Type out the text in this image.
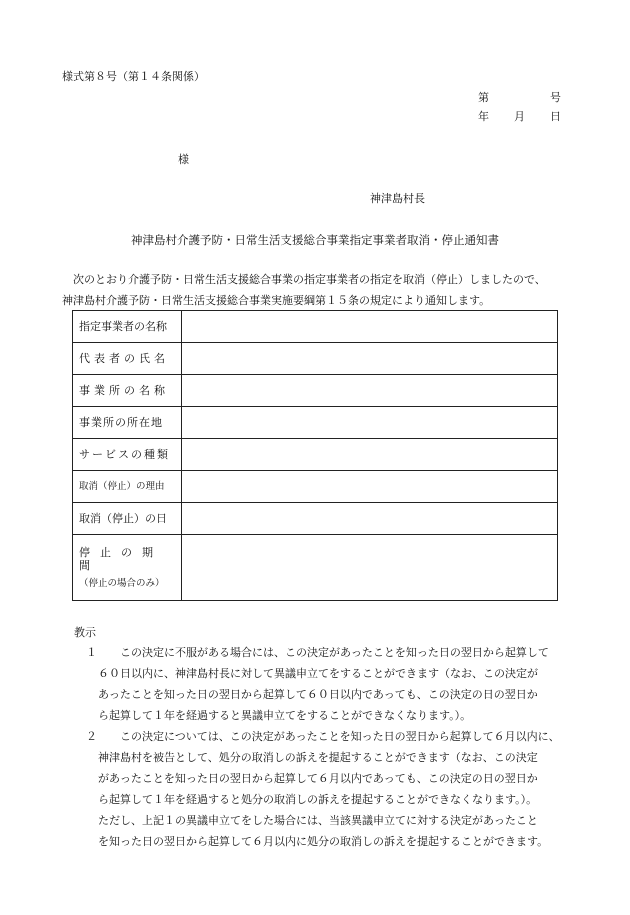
様式第８号（第１４条関係）
第	号
年 月 日
様
神津島村長
神津島村介護予防・日常生活支援総合事業指定事業者取消・停止通知書
次のとおり介護予防・日常生活支援総合事業の指定事業者の指定を取消（停止）しましたので、
神津島村介護予防・日常生活支援総合事業実施要綱第１５条の規定により通知します。
指定事業者の名称	
代表者の氏名	
事業所の名称	
事業所の所在地	
サービスの種類	
取消（停止）の理由	
取消（停止）の日	

停止の期間
（停止の場合のみ）	

教示
１ この決定に不服がある場合には、この決定があったことを知った日の翌日から起算して
６０日以内に、神津島村長に対して異議申立てをすることができます（なお、この決定が
あったことを知った日の翌日から起算して６０日以内であっても、この決定の日の翌日か
ら起算して１年を経過すると異議申立てをすることができなくなります。）。
２ この決定については、この決定があったことを知った日の翌日から起算して６月以内に、
神津島村を被告として、処分の取消しの訴えを提起することができます（なお、この決定
があったことを知った日の翌日から起算して６月以内であっても、この決定の日の翌日か
ら起算して１年を経過すると処分の取消しの訴えを提起することができなくなります。）。
ただし、上記１の異議申立てをした場合には、当該異議申立てに対する決定があったこと
を知った日の翌日から起算して６月以内に処分の取消しの訴えを提起することができます。
